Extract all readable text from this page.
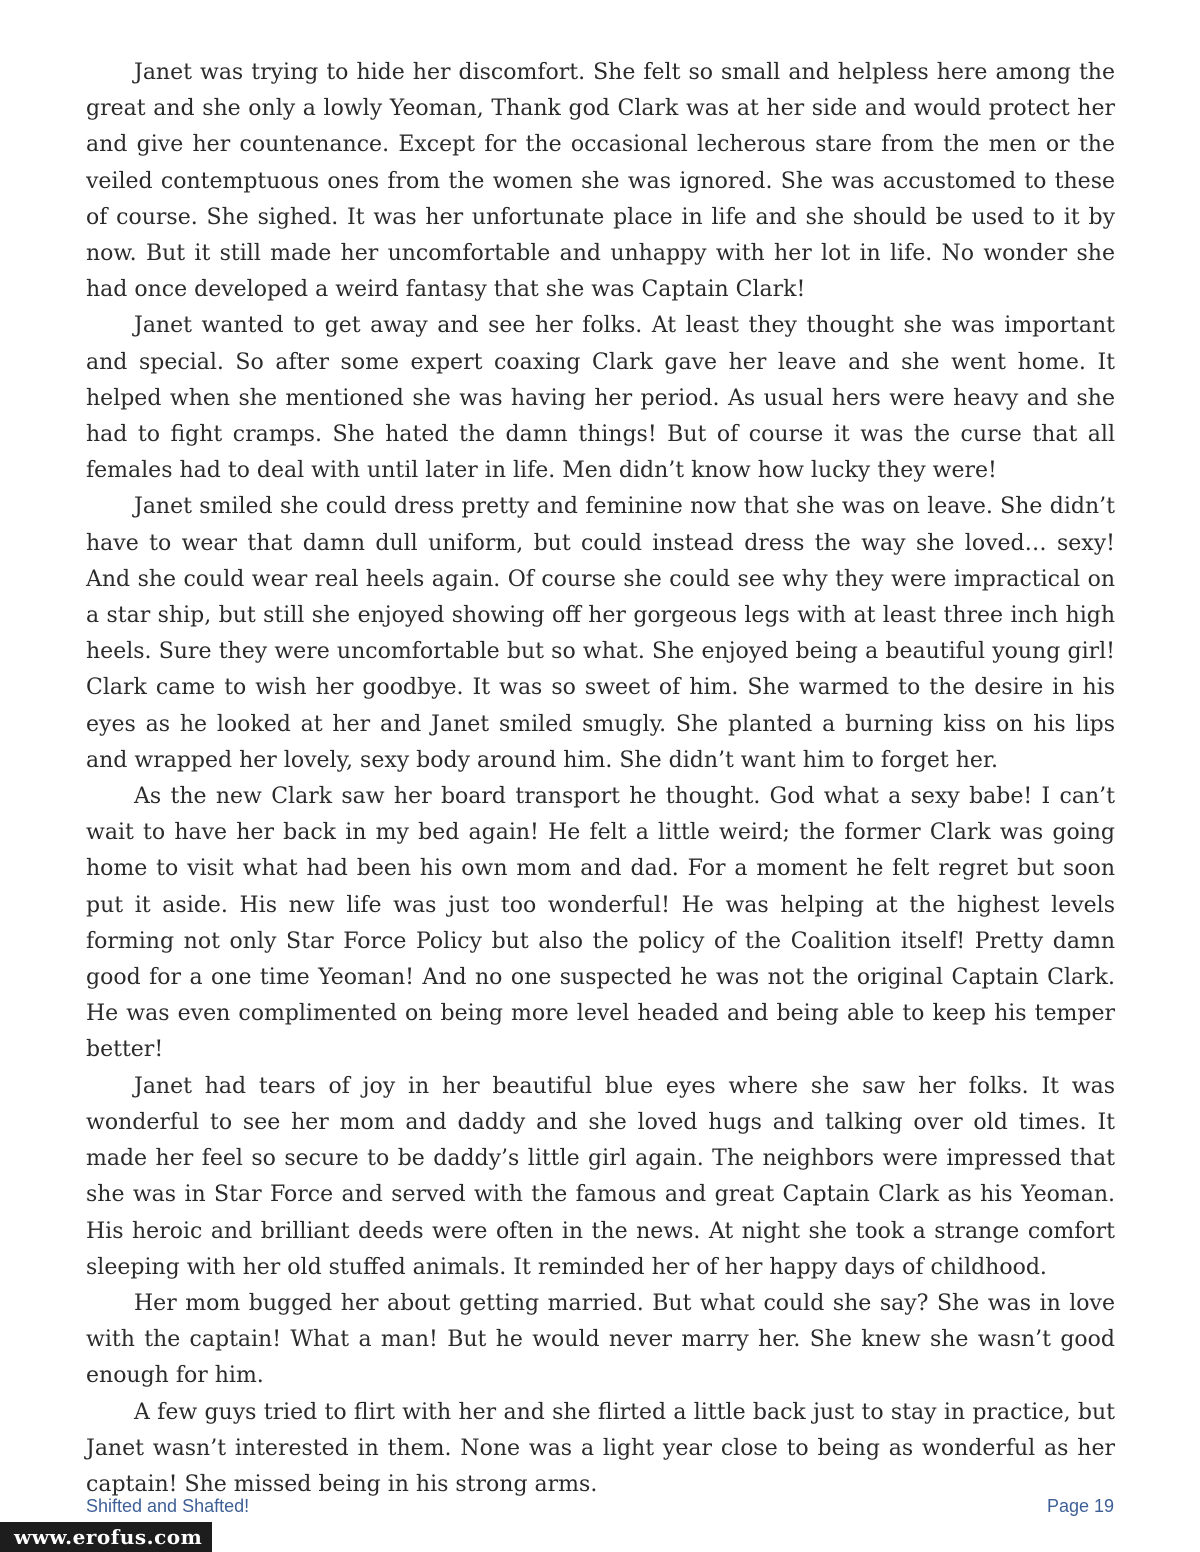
Janet was trying to hide her discomfort. She felt so small and helpless here among the great and she only a lowly Yeoman, Thank god Clark was at her side and would protect her and give her countenance. Except for the occasional lecherous stare from the men or the veiled contemptuous ones from the women she was ignored. She was accustomed to these of course. She sighed. It was her unfortunate place in life and she should be used to it by now. But it still made her uncomfortable and unhappy with her lot in life. No wonder she had once developed a weird fantasy that she was Captain Clark!

Janet wanted to get away and see her folks. At least they thought she was important and special. So after some expert coaxing Clark gave her leave and she went home. It helped when she mentioned she was having her period. As usual hers were heavy and she had to fight cramps. She hated the damn things! But of course it was the curse that all females had to deal with until later in life. Men didn’t know how lucky they were!

Janet smiled she could dress pretty and feminine now that she was on leave. She didn’t have to wear that damn dull uniform, but could instead dress the way she loved… sexy! And she could wear real heels again. Of course she could see why they were impractical on a star ship, but still she enjoyed showing off her gorgeous legs with at least three inch high heels. Sure they were uncomfortable but so what. She enjoyed being a beautiful young girl! Clark came to wish her goodbye. It was so sweet of him. She warmed to the desire in his eyes as he looked at her and Janet smiled smugly. She planted a burning kiss on his lips and wrapped her lovely, sexy body around him. She didn’t want him to forget her.

As the new Clark saw her board transport he thought. God what a sexy babe! I can’t wait to have her back in my bed again! He felt a little weird; the former Clark was going home to visit what had been his own mom and dad. For a moment he felt regret but soon put it aside. His new life was just too wonderful! He was helping at the highest levels forming not only Star Force Policy but also the policy of the Coalition itself! Pretty damn good for a one time Yeoman! And no one suspected he was not the original Captain Clark. He was even complimented on being more level headed and being able to keep his temper better!

Janet had tears of joy in her beautiful blue eyes where she saw her folks. It was wonderful to see her mom and daddy and she loved hugs and talking over old times. It made her feel so secure to be daddy’s little girl again. The neighbors were impressed that she was in Star Force and served with the famous and great Captain Clark as his Yeoman. His heroic and brilliant deeds were often in the news. At night she took a strange comfort sleeping with her old stuffed animals. It reminded her of her happy days of childhood.

Her mom bugged her about getting married. But what could she say? She was in love with the captain! What a man! But he would never marry her. She knew she wasn’t good enough for him.

A few guys tried to flirt with her and she flirted a little back just to stay in practice, but Janet wasn’t interested in them. None was a light year close to being as wonderful as her captain! She missed being in his strong arms.

Shifted and Shafted!	Page 19
www.erofus.com
